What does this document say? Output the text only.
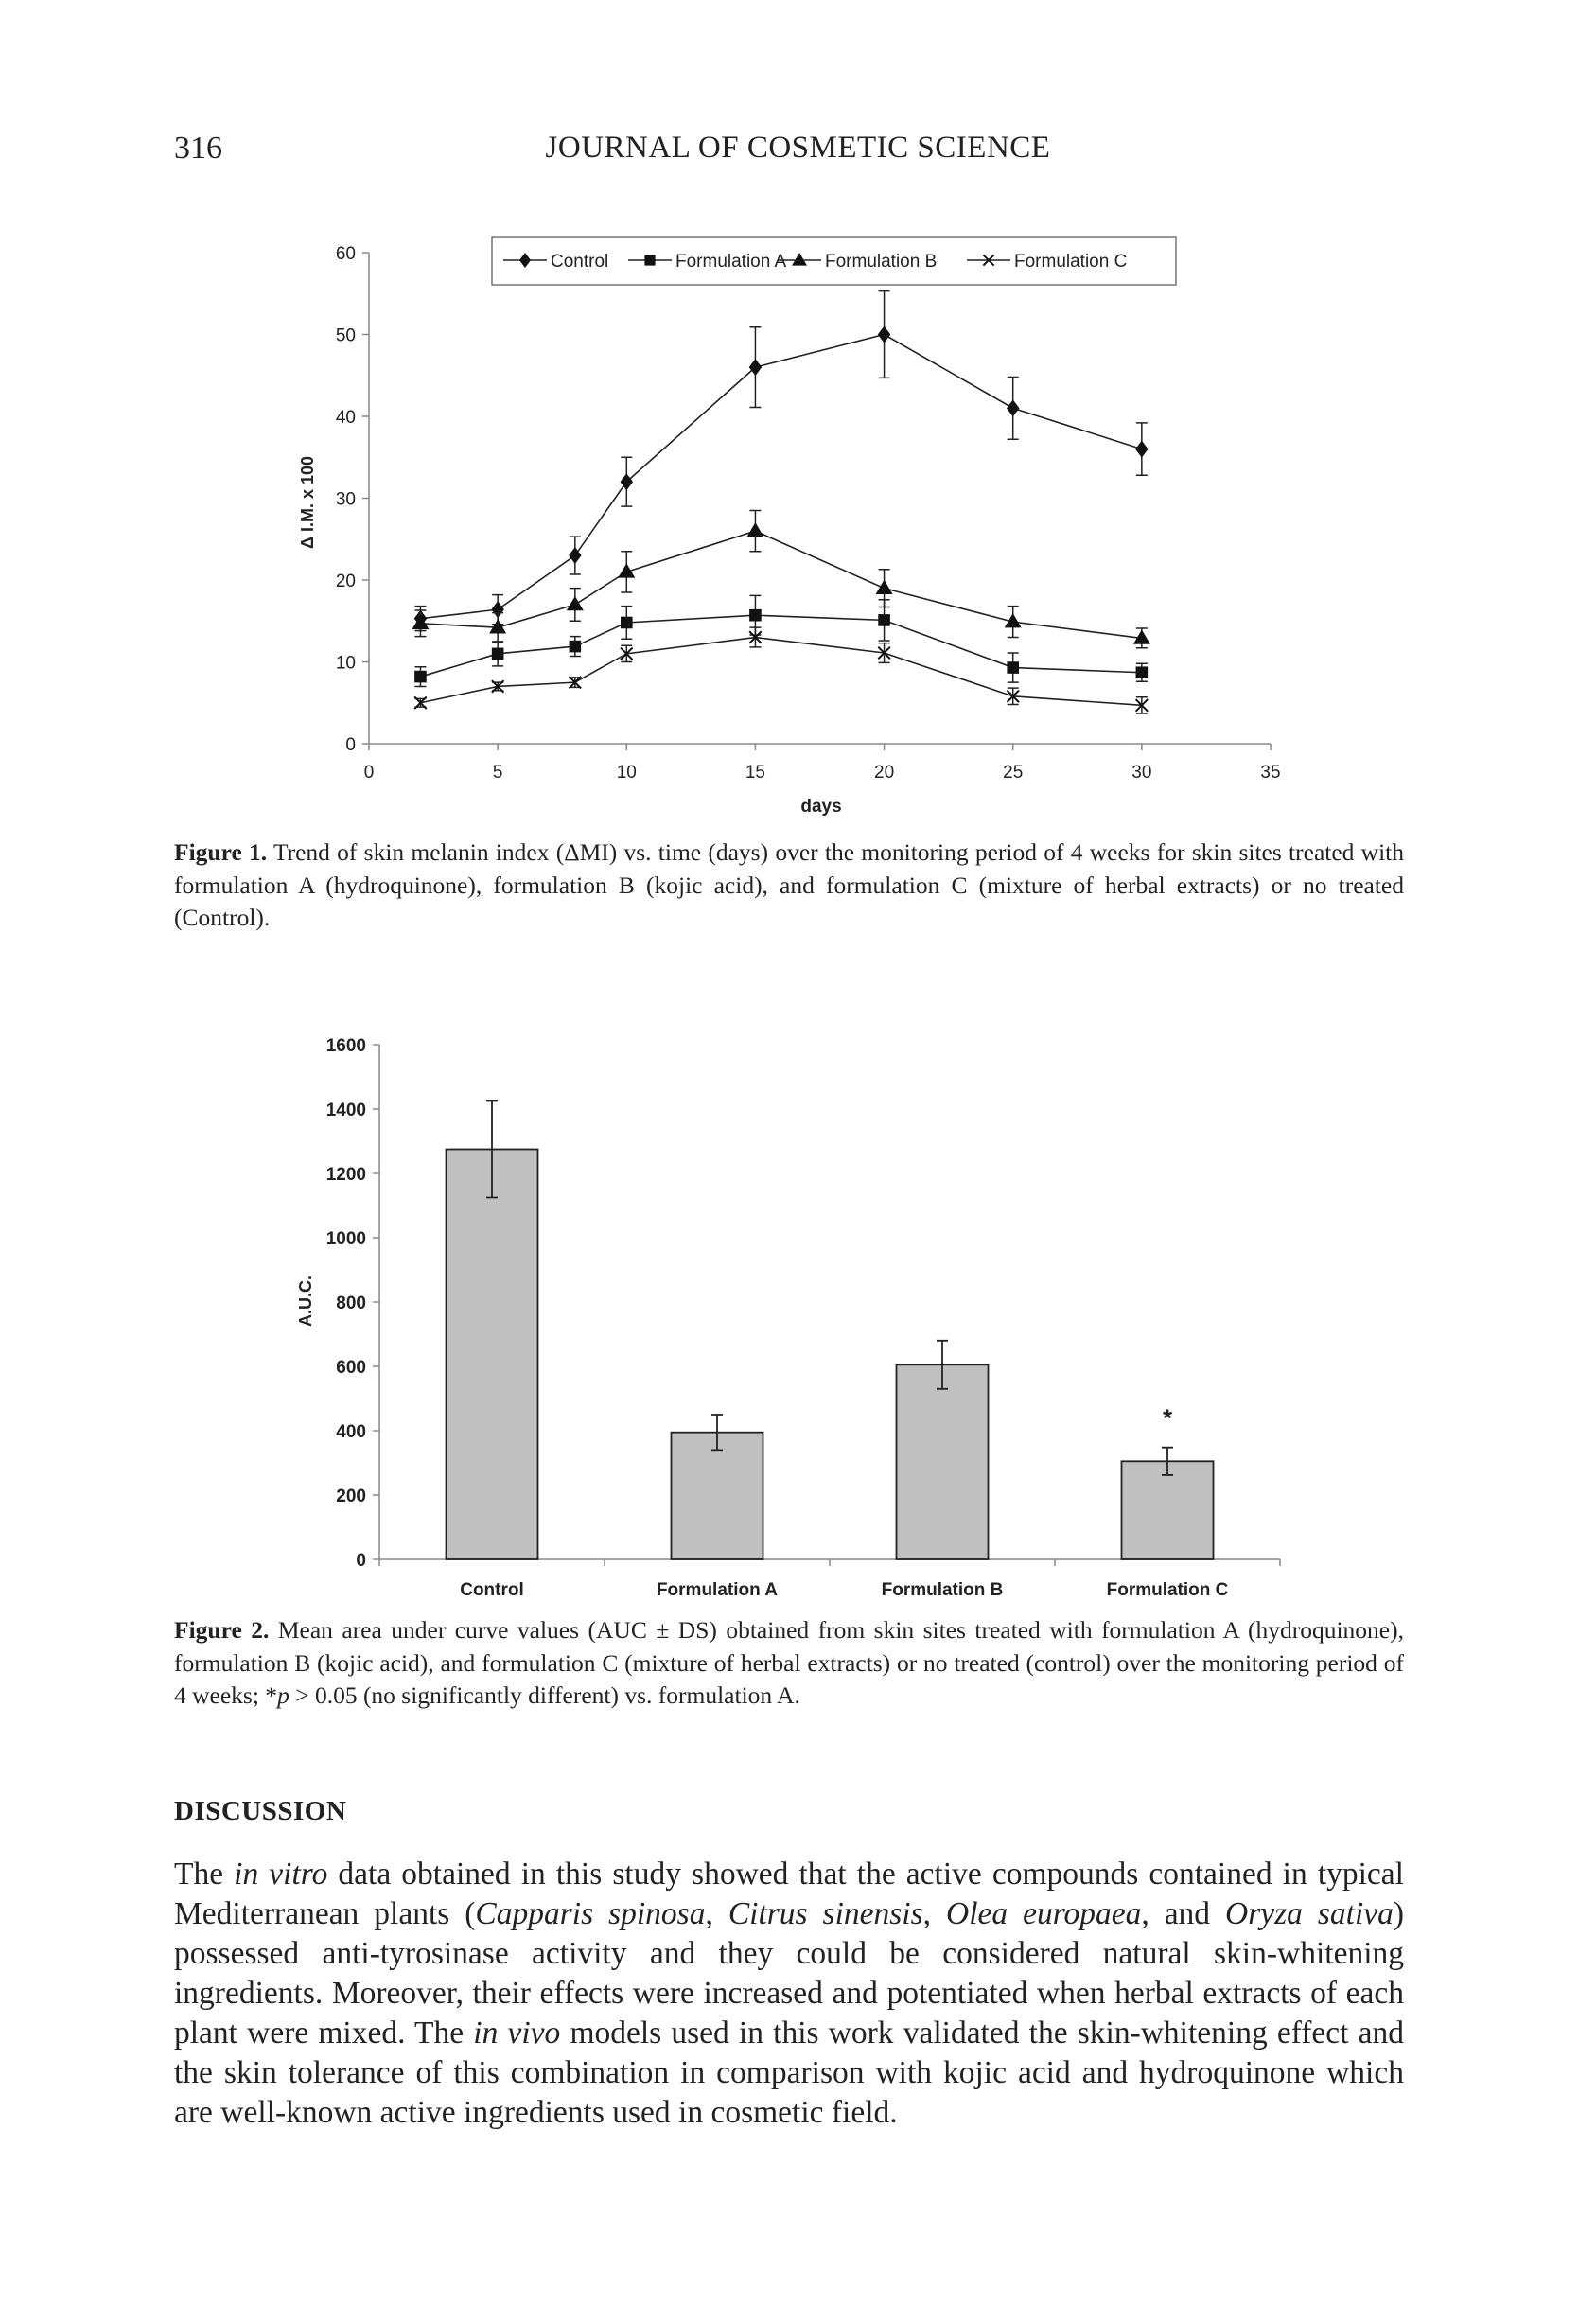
316	JOURNAL OF COSMETIC SCIENCE
0
10
20
30
40
50
60
0	5	10	15	20	25	30	35
days
Δ I.M. x 100
Control	Formulation A Formulation B	Formulation C
Figure 1. Trend of skin melanin index (ΔMI) vs. time (days) over the monitoring period of 4 weeks for skin sites treated with formulation A (hydroquinone), formulation B (kojic acid), and formulation C (mixture of herbal extracts) or no treated (Control).
0
200
400
600
800
1000
1200
1400
1600
A.U.C.
Control	Formulation A	Formulation B	Formulation C
*
Figure 2. Mean area under curve values (AUC ± DS) obtained from skin sites treated with formulation A (hydroquinone), formulation B (kojic acid), and formulation C (mixture of herbal extracts) or no treated (control) over the monitoring period of 4 weeks; *p > 0.05 (no significantly different) vs. formulation A.
DISCUSSION
The in vitro data obtained in this study showed that the active compounds contained in typical Mediterranean plants (Capparis spinosa, Citrus sinensis, Olea europaea, and Oryza sativa) possessed anti-tyrosinase activity and they could be considered natural skin-whitening ingredients. Moreover, their effects were increased and potentiated when herbal extracts of each plant were mixed. The in vivo models used in this work validated the skin-whitening effect and the skin tolerance of this combination in comparison with kojic acid and hydroquinone which are well-known active ingredients used in cosmetic field.
